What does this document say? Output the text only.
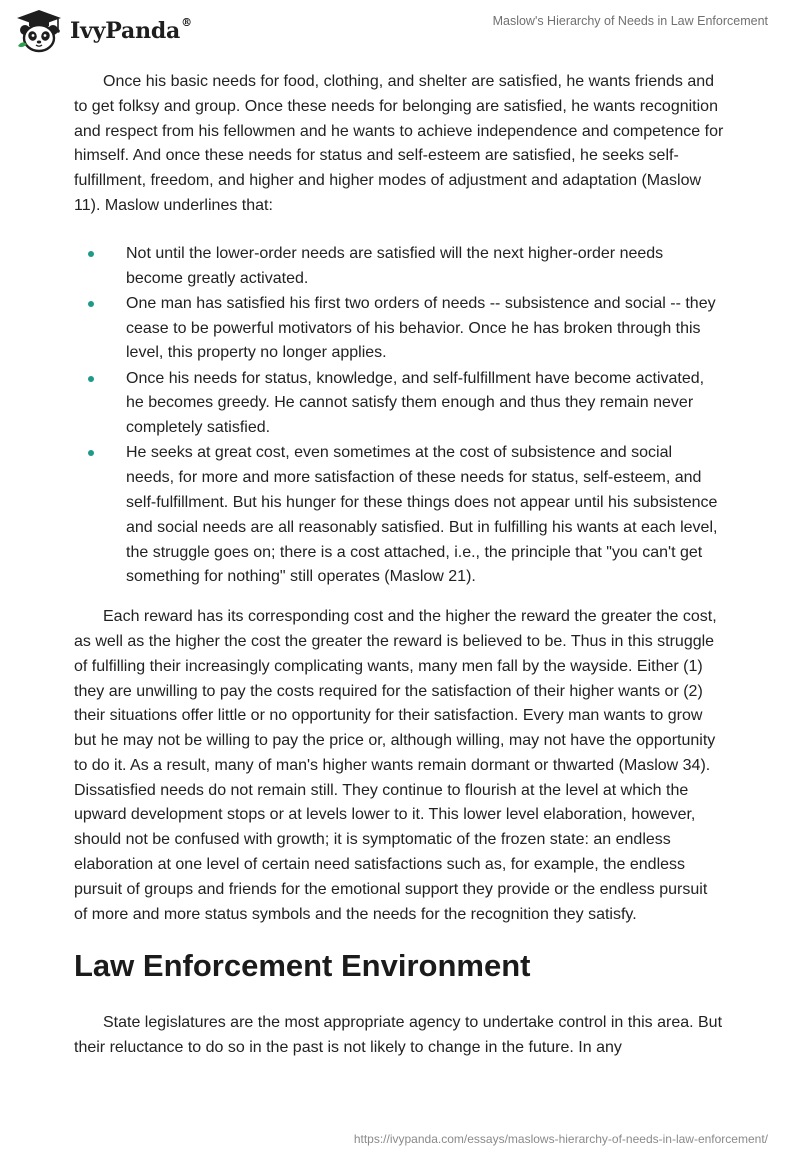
IvyPanda®	Maslow's Hierarchy of Needs in Law Enforcement

Once his basic needs for food, clothing, and shelter are satisfied, he wants friends and to get folksy and group. Once these needs for belonging are satisfied, he wants recognition and respect from his fellowmen and he wants to achieve independence and competence for himself. And once these needs for status and self-esteem are satisfied, he seeks self-fulfillment, freedom, and higher and higher modes of adjustment and adaptation (Maslow 11). Maslow underlines that:

Not until the lower-order needs are satisfied will the next higher-order needs become greatly activated.
One man has satisfied his first two orders of needs -- subsistence and social -- they cease to be powerful motivators of his behavior. Once he has broken through this level, this property no longer applies.
Once his needs for status, knowledge, and self-fulfillment have become activated, he becomes greedy. He cannot satisfy them enough and thus they remain never completely satisfied.
He seeks at great cost, even sometimes at the cost of subsistence and social needs, for more and more satisfaction of these needs for status, self-esteem, and self-fulfillment. But his hunger for these things does not appear until his subsistence and social needs are all reasonably satisfied. But in fulfilling his wants at each level, the struggle goes on; there is a cost attached, i.e., the principle that "you can't get something for nothing" still operates (Maslow 21).

Each reward has its corresponding cost and the higher the reward the greater the cost, as well as the higher the cost the greater the reward is believed to be. Thus in this struggle of fulfilling their increasingly complicating wants, many men fall by the wayside. Either (1) they are unwilling to pay the costs required for the satisfaction of their higher wants or (2) their situations offer little or no opportunity for their satisfaction. Every man wants to grow but he may not be willing to pay the price or, although willing, may not have the opportunity to do it. As a result, many of man's higher wants remain dormant or thwarted (Maslow 34). Dissatisfied needs do not remain still. They continue to flourish at the level at which the upward development stops or at levels lower to it. This lower level elaboration, however, should not be confused with growth; it is symptomatic of the frozen state: an endless elaboration at one level of certain need satisfactions such as, for example, the endless pursuit of groups and friends for the emotional support they provide or the endless pursuit of more and more status symbols and the needs for the recognition they satisfy.

Law Enforcement Environment

State legislatures are the most appropriate agency to undertake control in this area. But their reluctance to do so in the past is not likely to change in the future. In any

https://ivypanda.com/essays/maslows-hierarchy-of-needs-in-law-enforcement/
